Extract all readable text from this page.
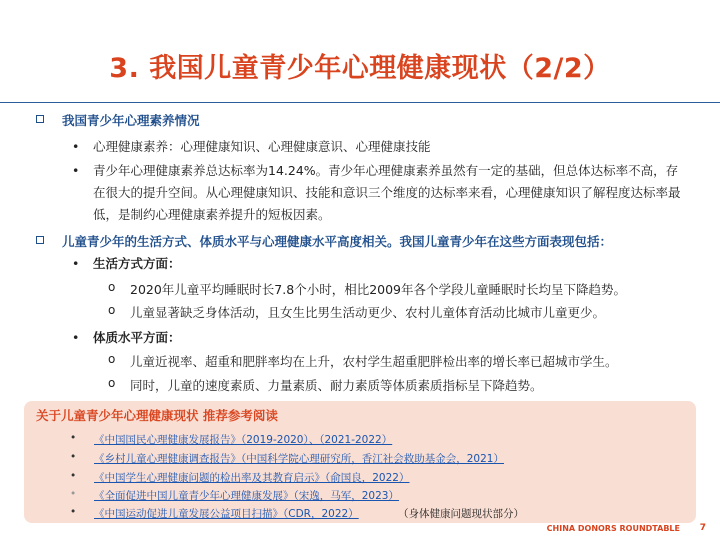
3. 我国儿童青少年心理健康现状（2/2）
我国青少年心理素养情况
• 心理健康素养：心理健康知识、心理健康意识、心理健康技能
• 青少年心理健康素养总达标率为14.24%。青少年心理健康素养虽然有一定的基础，但总体达标率不高，存在很大的提升空间。从心理健康知识、技能和意识三个维度的达标率来看，心理健康知识了解程度达标率最低，是制约心理健康素养提升的短板因素。
儿童青少年的生活方式、体质水平与心理健康水平高度相关。我国儿童青少年在这些方面表现包括：
• 生活方式方面：
o 2020年儿童平均睡眠时长7.8个小时，相比2009年各个学段儿童睡眠时长均呈下降趋势。
o 儿童显著缺乏身体活动，且女生比男生活动更少、农村儿童体育活动比城市儿童更少。
• 体质水平方面：
o 儿童近视率、超重和肥胖率均在上升，农村学生超重肥胖检出率的增长率已超城市学生。
o 同时，儿童的速度素质、力量素质、耐力素质等体质素质指标呈下降趋势。
关于儿童青少年心理健康现状 推荐参考阅读
• 《中国国民心理健康发展报告》（2019-2020）、（2021-2022）
• 《乡村儿童心理健康调查报告》（中国科学院心理研究所，香江社会救助基金会，2021）
• 《中国学生心理健康问题的检出率及其教育启示》（俞国良，2022）
• 《全面促进中国儿童青少年心理健康发展》（宋逸，马军，2023）
• 《中国运动促进儿童发展公益项目扫描》（CDR，2022）	（身体健康问题现状部分）
CHINA DONORS ROUNDTABLE 7
